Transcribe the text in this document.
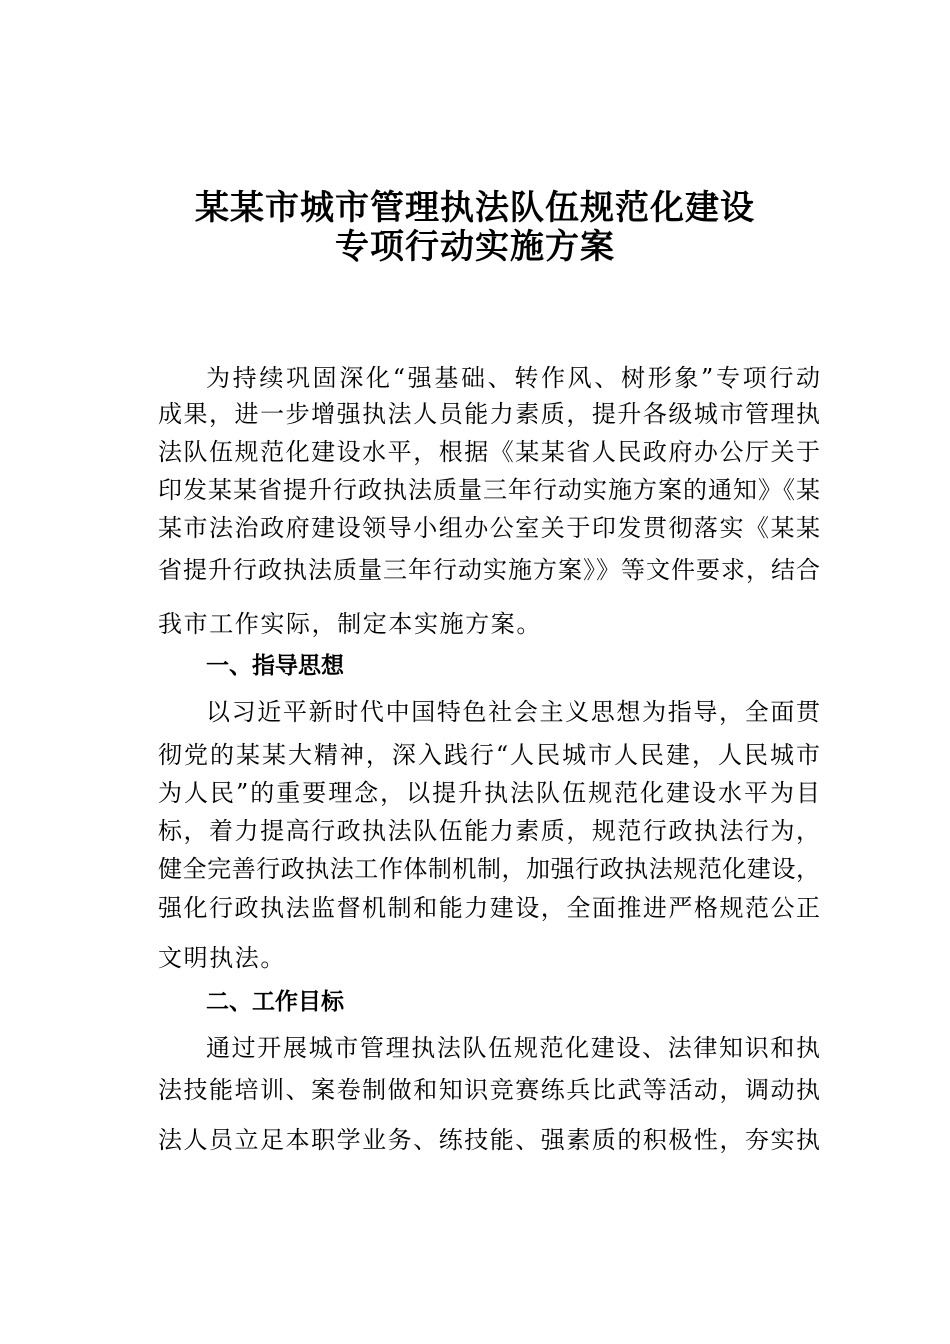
某某市城市管理执法队伍规范化建设
专项行动实施方案
为持续巩固深化“强基础、转作风、树形象”专项行动
成果，进一步增强执法人员能力素质，提升各级城市管理执
法队伍规范化建设水平，根据《某某省人民政府办公厅关于
印发某某省提升行政执法质量三年行动实施方案的通知》《某
某市法治政府建设领导小组办公室关于印发贯彻落实《某某
省提升行政执法质量三年行动实施方案》》等文件要求，结合
我市工作实际，制定本实施方案。
一、指导思想
以习近平新时代中国特色社会主义思想为指导，全面贯
彻党的某某大精神，深入践行“人民城市人民建，人民城市
为人民”的重要理念，以提升执法队伍规范化建设水平为目
标，着力提高行政执法队伍能力素质，规范行政执法行为，
健全完善行政执法工作体制机制，加强行政执法规范化建设，
强化行政执法监督机制和能力建设，全面推进严格规范公正
文明执法。
二、工作目标
通过开展城市管理执法队伍规范化建设、法律知识和执
法技能培训、案卷制做和知识竞赛练兵比武等活动，调动执
法人员立足本职学业务、练技能、强素质的积极性，夯实执
